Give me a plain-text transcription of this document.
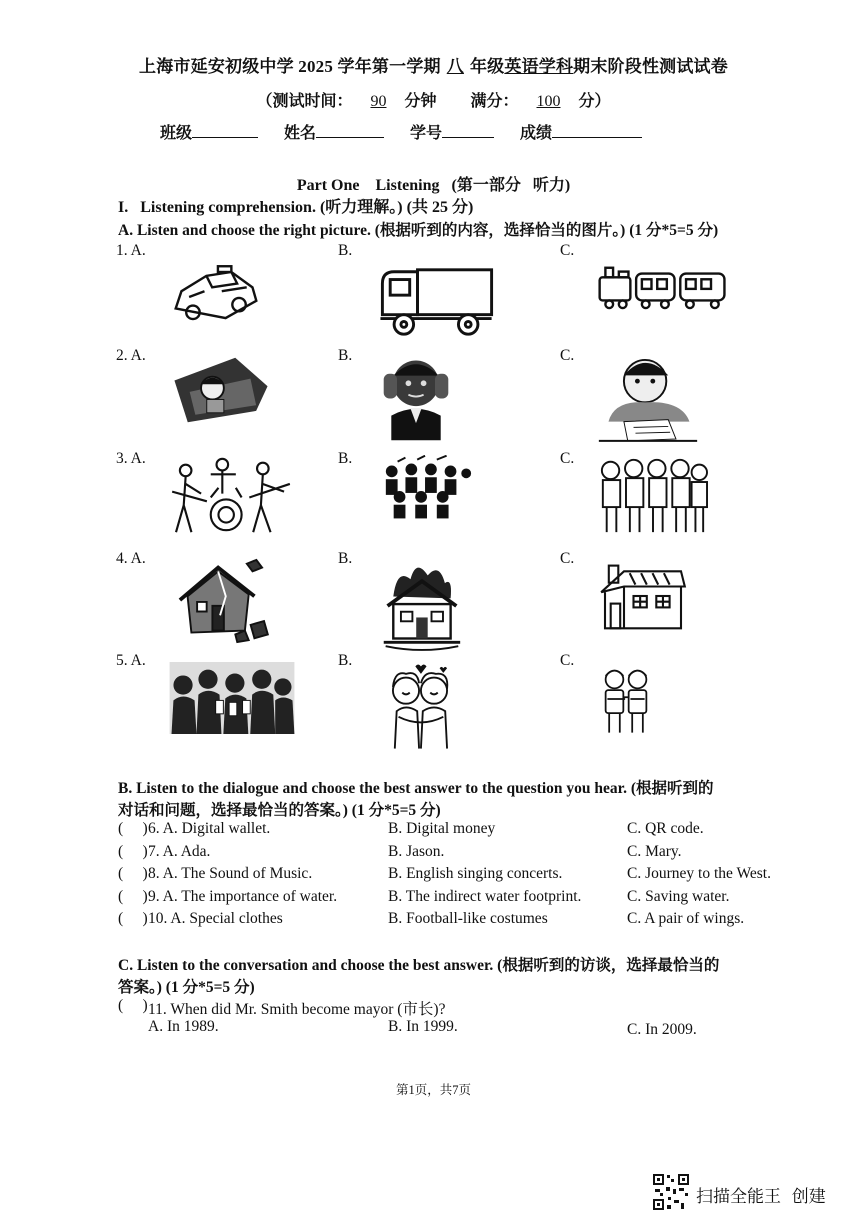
上海市延安初级中学 2025 学年第一学期 八 年级英语学科期末阶段性测试试卷
（测试时间： 90 分钟 满分： 100 分）
班级	姓名	学号	成绩
Part One    Listening   (第一部分   听力)
I.   Listening comprehension. (听力理解。) (共 25 分)
A. Listen and choose the right picture. (根据听到的内容，选择恰当的图片。) (1 分*5=5 分)
1. A.	B.	C.
2. A.	B.	C.
3. A.	B.	C.
4. A.	B.	C.
5. A.	B.	C.
B. Listen to the dialogue and choose the best answer to the question you hear. (根据听到的
对话和问题，选择最恰当的答案。) (1 分*5=5 分)
(     ) 6. A. Digital wallet.	B. Digital money	C. QR code.
(     ) 7. A. Ada.	B. Jason.	C. Mary.
(     ) 8. A. The Sound of Music.	B. English singing concerts.	C. Journey to the West.
(     ) 9. A. The importance of water.	B. The indirect water footprint.	C. Saving water.
(     ) 10. A. Special clothes	B. Football-like costumes	C. A pair of wings.
C. Listen to the conversation and choose the best answer. (根据听到的访谈，选择最恰当的
答案。) (1 分*5=5 分)
(     ) 11. When did Mr. Smith become mayor (市长)?
A. In 1989.	B. In 1999.	C. In 2009.
第1页，共7页
扫描全能王  创建
